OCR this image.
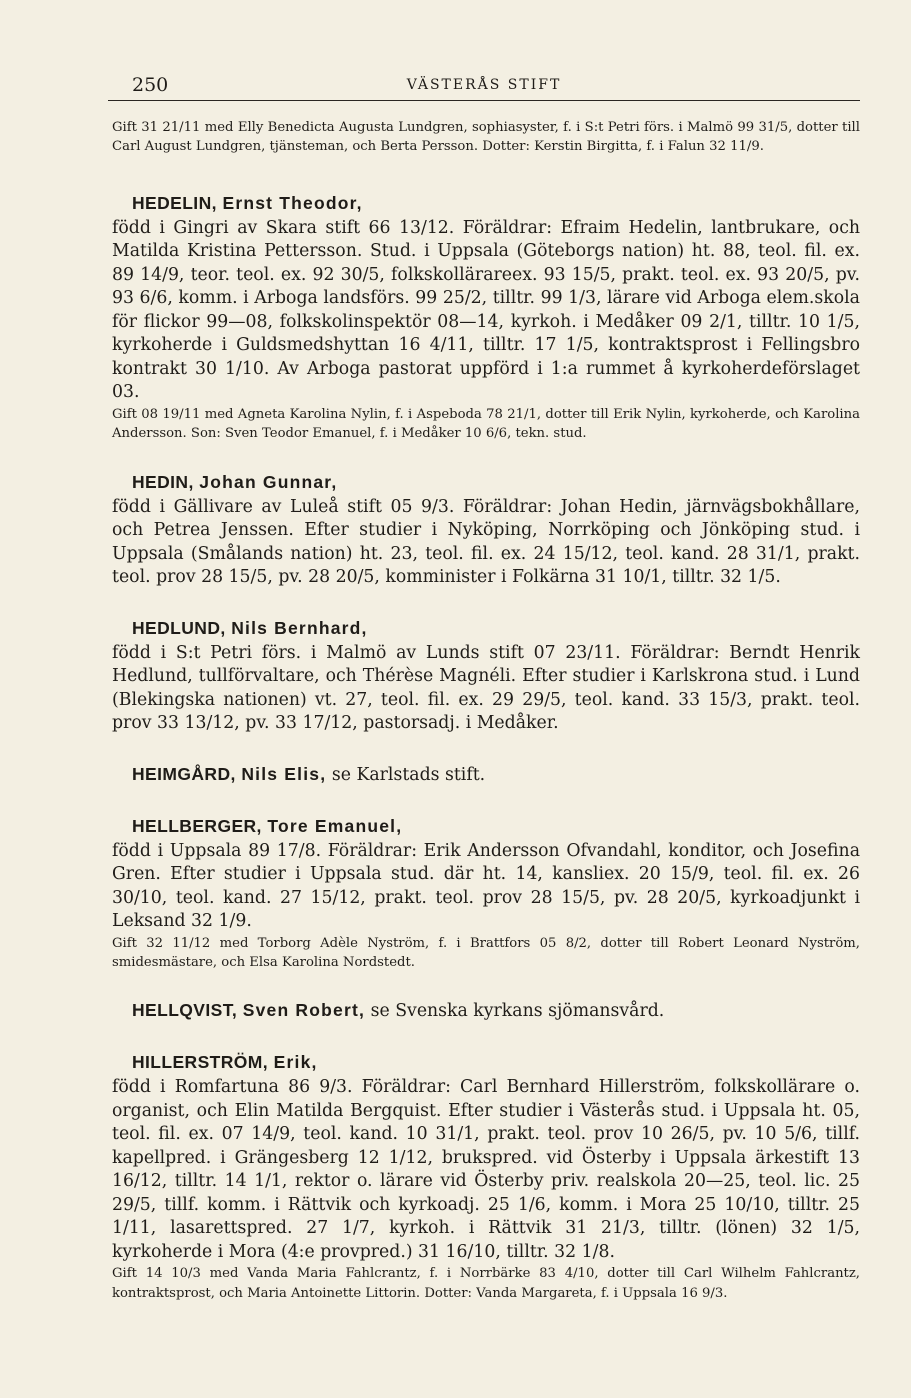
250	VÄSTERÅS STIFT

Gift 31 21/11 med Elly Benedicta Augusta Lundgren, sophiasyster, f. i S:t Petri förs. i Malmö 99 31/5, dotter till Carl August Lundgren, tjänsteman, och Berta Persson. Dotter: Kerstin Birgitta, f. i Falun 32 11/9.

HEDELIN, Ernst Theodor,

född i Gingri av Skara stift 66 13/12. Föräldrar: Efraim Hedelin, lantbrukare, och Matilda Kristina Pettersson. Stud. i Uppsala (Göteborgs nation) ht. 88, teol. fil. ex. 89 14/9, teor. teol. ex. 92 30/5, folkskollärareex. 93 15/5, prakt. teol. ex. 93 20/5, pv. 93 6/6, komm. i Arboga landsförs. 99 25/2, tilltr. 99 1/3, lärare vid Arboga elem.skola för flickor 99—08, folkskolinspektör 08—14, kyrkoh. i Medåker 09 2/1, tilltr. 10 1/5, kyrkoherde i Guldsmedshyttan 16 4/11, tilltr. 17 1/5, kontraktsprost i Fellingsbro kontrakt 30 1/10. Av Arboga pastorat uppförd i 1:a rummet å kyrkoherdeförslaget 03.

Gift 08 19/11 med Agneta Karolina Nylin, f. i Aspeboda 78 21/1, dotter till Erik Nylin, kyrkoherde, och Karolina Andersson. Son: Sven Teodor Emanuel, f. i Medåker 10 6/6, tekn. stud.

HEDIN, Johan Gunnar,

född i Gällivare av Luleå stift 05 9/3. Föräldrar: Johan Hedin, järnvägsbokhållare, och Petrea Jenssen. Efter studier i Nyköping, Norrköping och Jönköping stud. i Uppsala (Smålands nation) ht. 23, teol. fil. ex. 24 15/12, teol. kand. 28 31/1, prakt. teol. prov 28 15/5, pv. 28 20/5, komminister i Folkärna 31 10/1, tilltr. 32 1/5.

HEDLUND, Nils Bernhard,

född i S:t Petri förs. i Malmö av Lunds stift 07 23/11. Föräldrar: Berndt Henrik Hedlund, tullförvaltare, och Thérèse Magnéli. Efter studier i Karlskrona stud. i Lund (Blekingska nationen) vt. 27, teol. fil. ex. 29 29/5, teol. kand. 33 15/3, prakt. teol. prov 33 13/12, pv. 33 17/12, pastorsadj. i Medåker.

HEIMGÅRD, Nils Elis, se Karlstads stift.

HELLBERGER, Tore Emanuel,

född i Uppsala 89 17/8. Föräldrar: Erik Andersson Ofvandahl, konditor, och Josefina Gren. Efter studier i Uppsala stud. där ht. 14, kansliex. 20 15/9, teol. fil. ex. 26 30/10, teol. kand. 27 15/12, prakt. teol. prov 28 15/5, pv. 28 20/5, kyrkoadjunkt i Leksand 32 1/9.

Gift 32 11/12 med Torborg Adèle Nyström, f. i Brattfors 05 8/2, dotter till Robert Leonard Nyström, smidesmästare, och Elsa Karolina Nordstedt.

HELLQVIST, Sven Robert, se Svenska kyrkans sjömansvård.

HILLERSTRÖM, Erik,

född i Romfartuna 86 9/3. Föräldrar: Carl Bernhard Hillerström, folkskollärare o. organist, och Elin Matilda Bergquist. Efter studier i Västerås stud. i Uppsala ht. 05, teol. fil. ex. 07 14/9, teol. kand. 10 31/1, prakt. teol. prov 10 26/5, pv. 10 5/6, tillf. kapellpred. i Grängesberg 12 1/12, brukspred. vid Österby i Uppsala ärkestift 13 16/12, tilltr. 14 1/1, rektor o. lärare vid Österby priv. realskola 20—25, teol. lic. 25 29/5, tillf. komm. i Rättvik och kyrkoadj. 25 1/6, komm. i Mora 25 10/10, tilltr. 25 1/11, lasarettspred. 27 1/7, kyrkoh. i Rättvik 31 21/3, tilltr. (lönen) 32 1/5, kyrkoherde i Mora (4:e provpred.) 31 16/10, tilltr. 32 1/8.

Gift 14 10/3 med Vanda Maria Fahlcrantz, f. i Norrbärke 83 4/10, dotter till Carl Wilhelm Fahlcrantz, kontraktsprost, och Maria Antoinette Littorin. Dotter: Vanda Margareta, f. i Uppsala 16 9/3.
